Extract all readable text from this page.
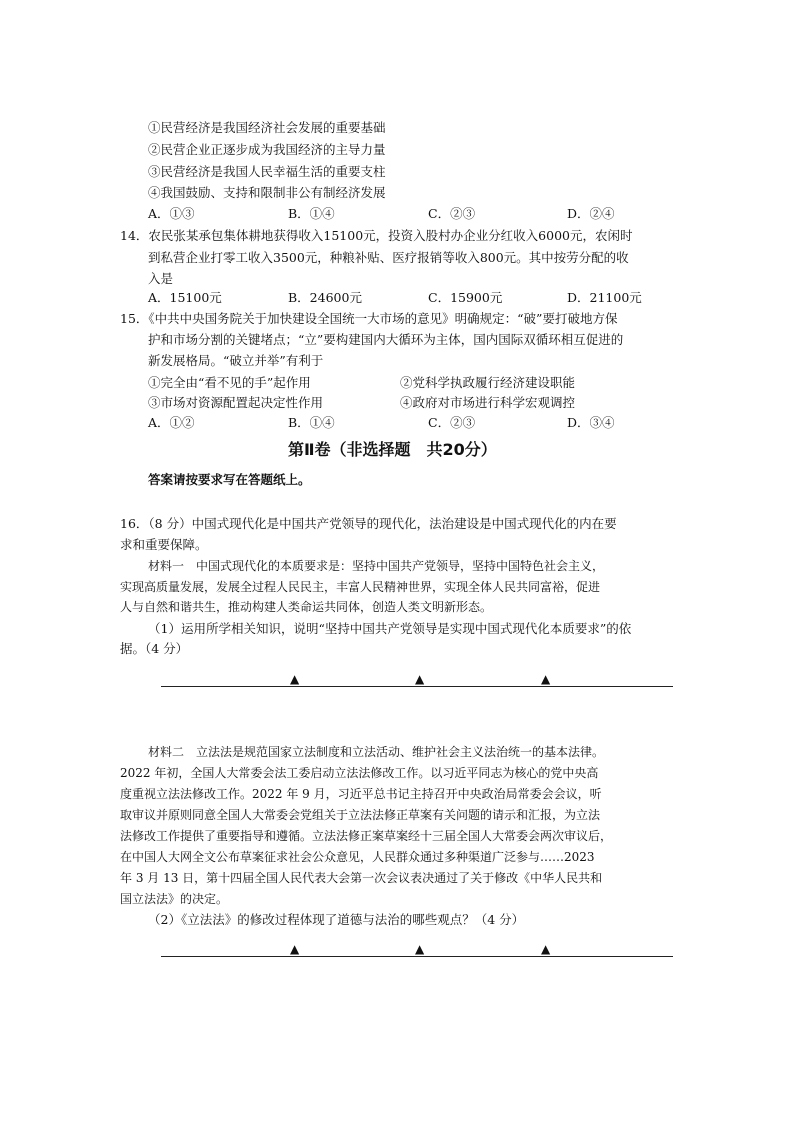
①民营经济是我国经济社会发展的重要基础
②民营企业正逐步成为我国经济的主导力量
③民营经济是我国人民幸福生活的重要支柱
④我国鼓励、支持和限制非公有制经济发展
A．①③	B．①④	C．②③	D．②④
14．农民张某承包集体耕地获得收入15100元，投资入股村办企业分红收入6000元，农闲时
到私营企业打零工收入3500元，种粮补贴、医疗报销等收入800元。其中按劳分配的收
入是
A．15100元	B．24600元	C．15900元	D．21100元
15．《中共中央国务院关于加快建设全国统一大市场的意见》明确规定：“破”要打破地方保
护和市场分割的关键堵点；“立”要构建国内大循环为主体，国内国际双循环相互促进的
新发展格局。“破立并举”有利于
①完全由“看不见的手”起作用	②党科学执政履行经济建设职能
③市场对资源配置起决定性作用	④政府对市场进行科学宏观调控
A．①②	B．①④	C．②③	D．③④
第Ⅱ卷（非选择题　共20分）
答案请按要求写在答题纸上。
16．（8 分）中国式现代化是中国共产党领导的现代化，法治建设是中国式现代化的内在要
求和重要保障。
材料一　中国式现代化的本质要求是：坚持中国共产党领导，坚持中国特色社会主义，
实现高质量发展，发展全过程人民民主，丰富人民精神世界，实现全体人民共同富裕，促进
人与自然和谐共生，推动构建人类命运共同体，创造人类文明新形态。
（1）运用所学相关知识，说明“坚持中国共产党领导是实现中国式现代化本质要求”的依
据。（4 分）
▲	▲	▲
材料二　立法法是规范国家立法制度和立法活动、维护社会主义法治统一的基本法律。
2022 年初，全国人大常委会法工委启动立法法修改工作。以习近平同志为核心的党中央高
度重视立法法修改工作。2022 年 9 月，习近平总书记主持召开中央政治局常委会会议，听
取审议并原则同意全国人大常委会党组关于立法法修正草案有关问题的请示和汇报，为立法
法修改工作提供了重要指导和遵循。立法法修正案草案经十三届全国人大常委会两次审议后，
在中国人大网全文公布草案征求社会公众意见，人民群众通过多种渠道广泛参与……2023
年 3 月 13 日，第十四届全国人民代表大会第一次会议表决通过了关于修改《中华人民共和
国立法法》的决定。
（2）《立法法》的修改过程体现了道德与法治的哪些观点？（4 分）
▲	▲	▲
